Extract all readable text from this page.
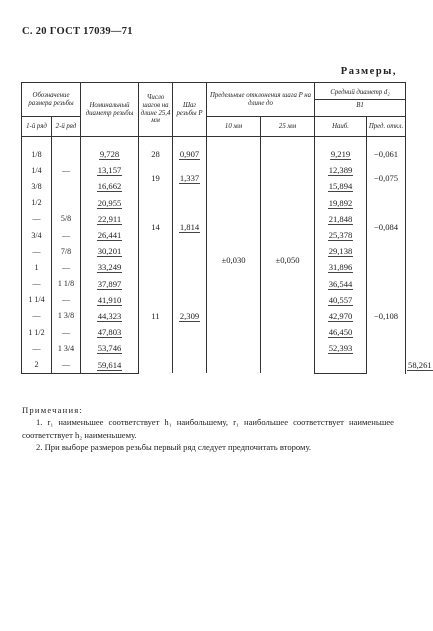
С. 20 ГОСТ 17039—71
Размеры,
Обозначение размера резьбы		Номинальный диаметр резьбы	Число шагов на длине 25,4 мм	Шаг резьбы P	Предельные отклонения шага P на длине до		Средний диаметр d₂
B1		

1-й ряд	2-й ряд				10 мм	25 мм	Наиб.	Пред. откл.	
1/8		9,728	28	0,907	±0,030	±0,050	9,219	−0,061	
1/4	—	13,157	19	1,337			12,389	−0,075	
3/8		16,662					15,894		
1/2		20,955	14	1,814			19,892	−0,084	
—	5/8	22,911					21,848		
3/4	—	26,441					25,378		
—	7/8	30,201					29,138		
1	—	33,249	11	2,309			31,896	−0,108	
—	1 1/8	37,897					36,544		
1 1/4	—	41,910					40,557		
—	1 3/8	44,323					42,970		
1 1/2	—	47,803					46,450		
—	1 3/4	53,746					52,393		
2	—	59,614							58,261	

Примечания:

1. r₁ наименьшее соответствует h₁ наибольшему, r₁ наибольшее соответствует наименьшее соответствует h₂ наименьшему.

2. При выборе размеров резьбы первый ряд следует предпочитать второму.
